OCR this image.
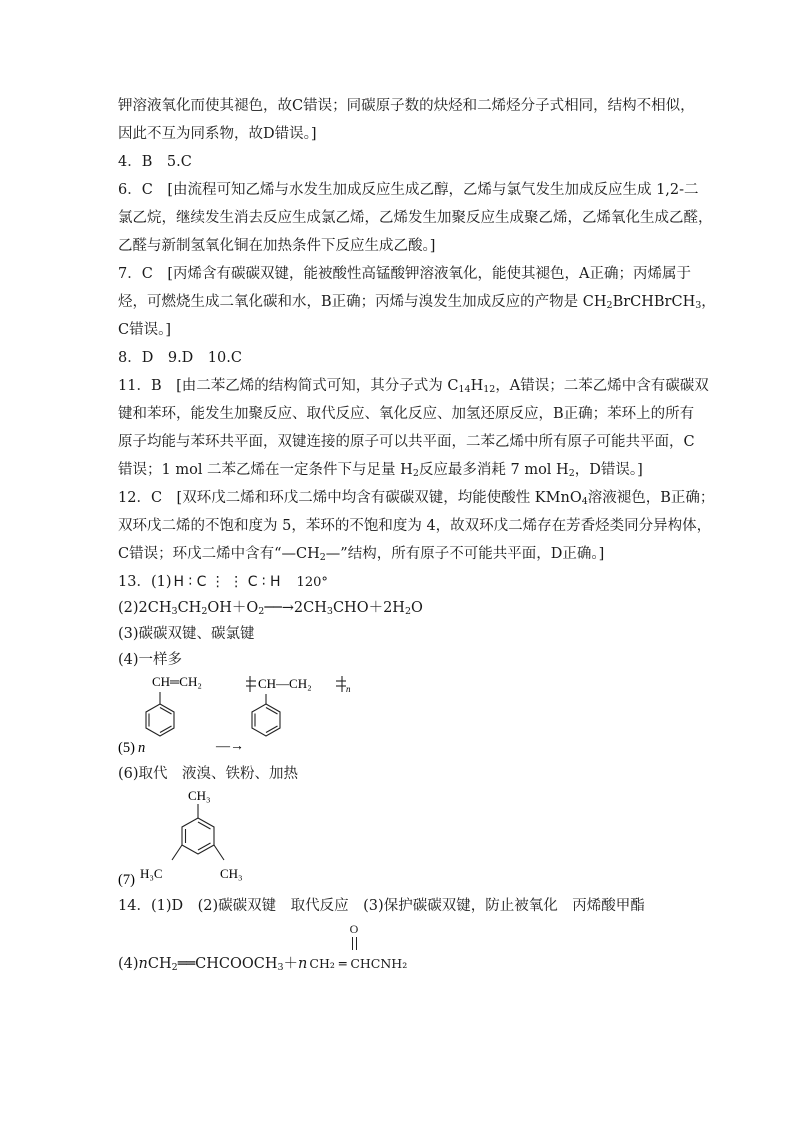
钾溶液氧化而使其褪色，故C错误；同碳原子数的炔烃和二烯烃分子式相同，结构不相似，
因此不互为同系物，故D错误。]
4．B　5.C
6．C　[由流程可知乙烯与水发生加成反应生成乙醇，乙烯与氯气发生加成反应生成 1,2-二
氯乙烷，继续发生消去反应生成氯乙烯，乙烯发生加聚反应生成聚乙烯，乙烯氧化生成乙醛，
乙醛与新制氢氧化铜在加热条件下反应生成乙酸。]
7．C　[丙烯含有碳碳双键，能被酸性高锰酸钾溶液氧化，能使其褪色，A正确；丙烯属于
烃，可燃烧生成二氧化碳和水，B正确；丙烯与溴发生加成反应的产物是 $CH_2BrCHBrCH_3$，
C错误。]
8．D　9.D　10.C
11．B　[由二苯乙烯的结构简式可知，其分子式为 $C_{14}H_{12}$，A错误；二苯乙烯中含有碳碳双
键和苯环，能发生加聚反应、取代反应、氧化反应、加氢还原反应，B正确；苯环上的所有
原子均能与苯环共平面，双键连接的原子可以共平面，二苯乙烯中所有原子可能共平面，C
错误；1 mol 二苯乙烯在一定条件下与足量 $H_2$反应最多消耗 7 mol $H_2$，D错误。]
12．C　[双环戊二烯和环戊二烯中均含有碳碳双键，均能使酸性 KMnO$_4$溶液褪色，B正确；
双环戊二烯的不饱和度为 5，苯环的不饱和度为 4，故双环戊二烯存在芳香烃类同分异构体，
C错误；环戊二烯中含有“$—CH_2—$”结构，所有原子不可能共平面，D正确。]
13．(1) H ∶ C ⋮ ⋮ C ∶ H 120°
$(2)2CH_3CH_2OH+O_2──\to 2CH_3CHO+2H_2O$
(3)碳碳双键、碳氯键
(4)一样多
(5) n
CH═CH₂
—→
CH—CH₂	n
(6)取代　液溴、铁粉、加热
(7)
CH₃
H₃C	CH₃
14．(1)D　(2)碳碳双键　取代反应　(3)保护碳碳双键，防止被氧化　丙烯酸甲酯
$(4)nCH_2══CHCOOCH_3+n$ CH₂ ═ CHCNH₂
O
